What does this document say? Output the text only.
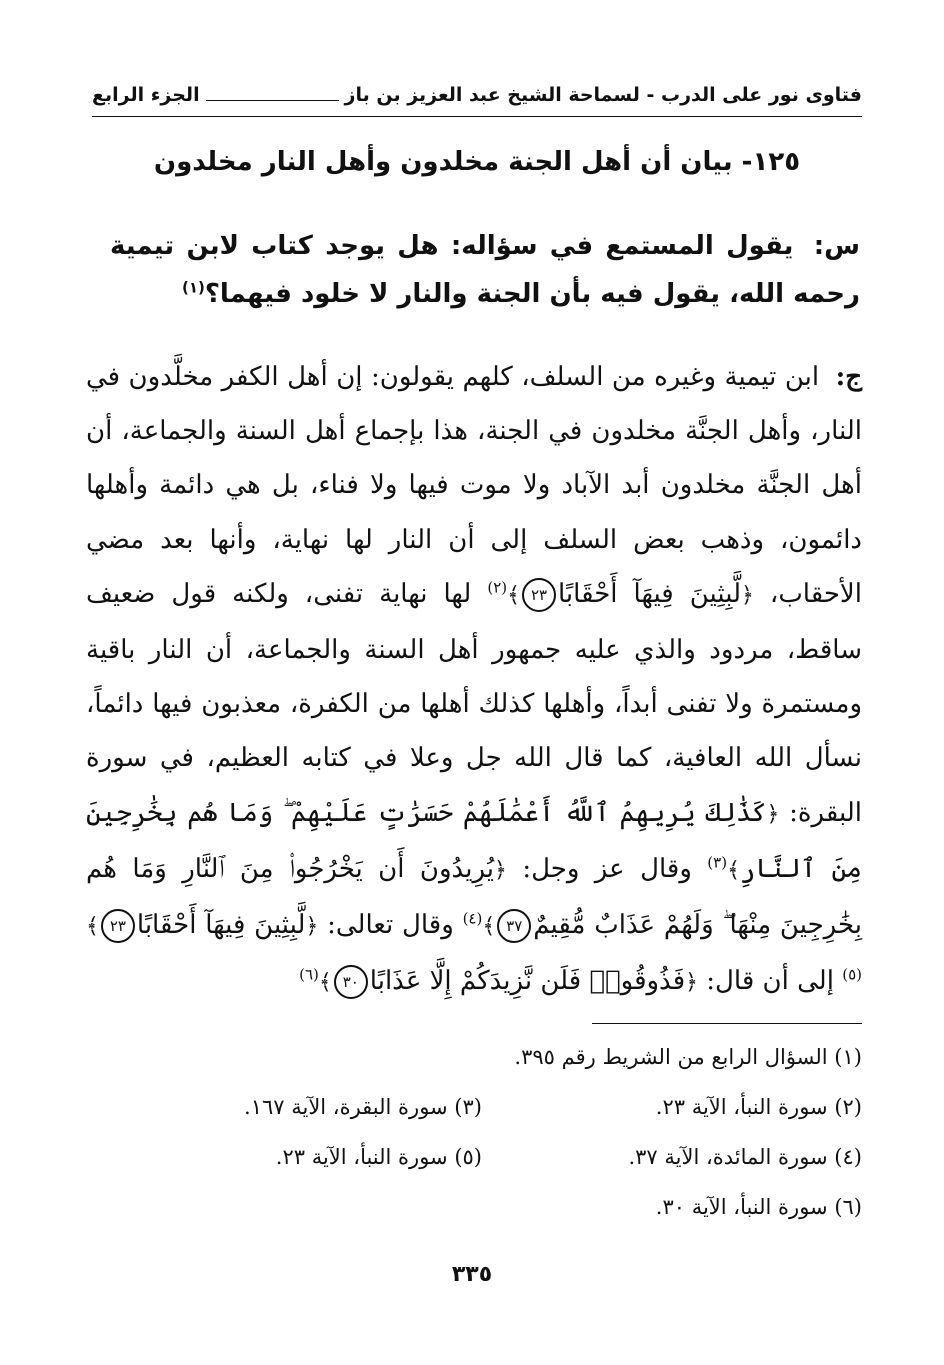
فتاوى نور على الدرب - لسماحة الشيخ عبد العزيز بن باز
الجزء الرابع
١٢٥- بيان أن أهل الجنة مخلدون وأهل النار مخلدون
س: يقول المستمع في سؤاله: هل يوجد كتاب لابن تيمية رحمه الله، يقول فيه بأن الجنة والنار لا خلود فيهما؟$^{(١)}$
ج: ابن تيمية وغيره من السلف، كلهم يقولون: إن أهل الكفر مخلَّدون في النار، وأهل الجنَّة مخلدون في الجنة، هذا بإجماع أهل السنة والجماعة، أن أهل الجنَّة مخلدون أبد الآباد ولا موت فيها ولا فناء، بل هي دائمة وأهلها دائمون، وذهب بعض السلف إلى أن النار لها نهاية، وأنها بعد مضي الأحقاب، ﴿لَّبِثِينَ فِيهَآ أَحْقَابًا٢٣﴾$^{(٢)}$ لها نهاية تفنى، ولكنه قول ضعيف ساقط، مردود والذي عليه جمهور أهل السنة والجماعة، أن النار باقية ومستمرة ولا تفنى أبداً، وأهلها كذلك أهلها من الكفرة، معذبون فيها دائماً، نسأل الله العافية، كما قال الله جل وعلا في كتابه العظيم، في سورة البقرة: ﴿كَذَٰلِكَ يُرِيهِمُ ٱللَّهُ أَعْمَٰلَهُمْ حَسَرَٰتٍ عَلَيْهِمْ ۖ وَمَا هُم بِخَٰرِجِينَ مِنَ ٱلنَّارِ﴾$^{(٣)}$ وقال عز وجل: ﴿يُرِيدُونَ أَن يَخْرُجُوا۟ مِنَ ٱلنَّارِ وَمَا هُم بِخَٰرِجِينَ مِنْهَا ۖ وَلَهُمْ عَذَابٌ مُّقِيمٌ٣٧﴾$^{(٤)}$ وقال تعالى: ﴿لَّبِثِينَ فِيهَآ أَحْقَابًا٢٣﴾$^{(٥)}$ إلى أن قال: ﴿فَذُوقُوا۟ فَلَن نَّزِيدَكُمْ إِلَّا عَذَابًا٣٠﴾$^{(٦)}$
(١) السؤال الرابع من الشريط رقم ٣٩٥.
(٢) سورة النبأ، الآية ٢٣.
(٣) سورة البقرة، الآية ١٦٧.
(٤) سورة المائدة، الآية ٣٧.
(٥) سورة النبأ، الآية ٢٣.
(٦) سورة النبأ، الآية ٣٠.
٣٣٥
